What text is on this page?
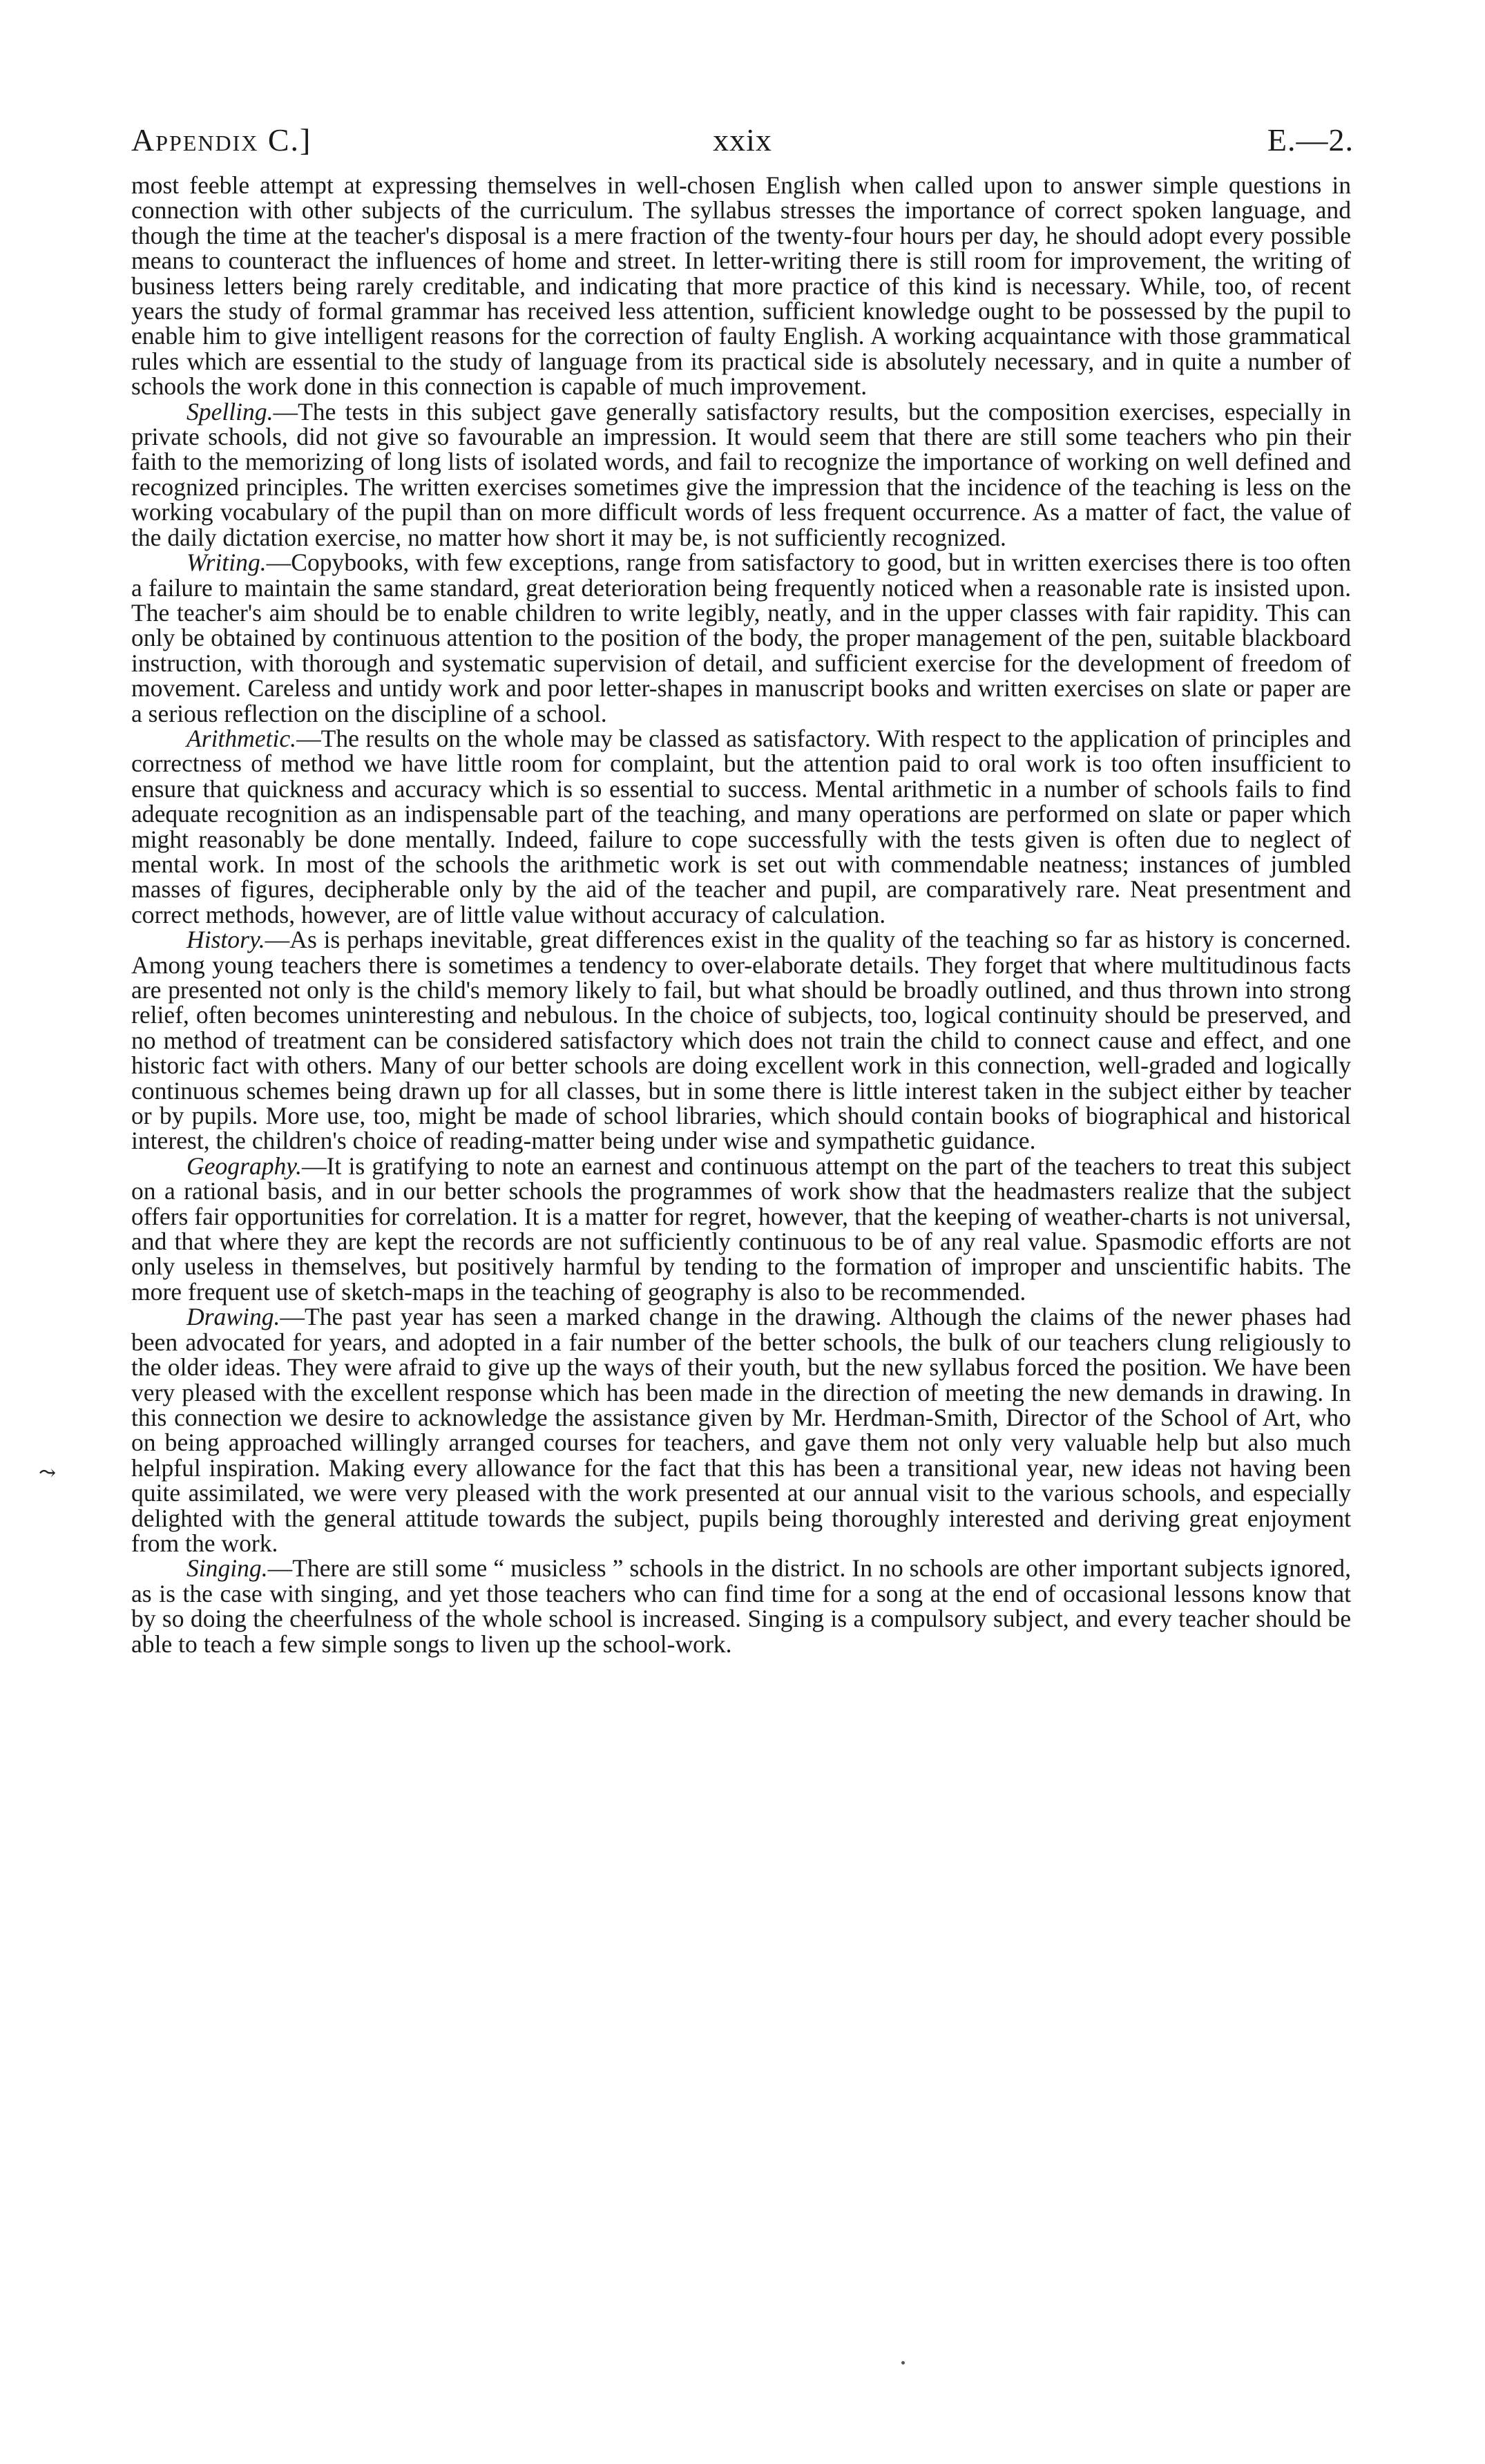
Appendix C.]	xxix	E.—2.
⤳

most feeble attempt at expressing themselves in well-chosen English when called upon to answer simple questions in connection with other subjects of the curriculum. The syllabus stresses the importance of correct spoken language, and though the time at the teacher's disposal is a mere fraction of the twenty-four hours per day, he should adopt every possible means to counteract the influences of home and street. In letter-writing there is still room for improvement, the writing of business letters being rarely creditable, and indicating that more practice of this kind is necessary. While, too, of recent years the study of formal grammar has received less attention, sufficient knowledge ought to be possessed by the pupil to enable him to give intelligent reasons for the correction of faulty English. A working acquaintance with those grammatical rules which are essential to the study of language from its practical side is absolutely necessary, and in quite a number of schools the work done in this connection is capable of much improvement.

Spelling.—The tests in this subject gave generally satisfactory results, but the composition exercises, especially in private schools, did not give so favourable an impression. It would seem that there are still some teachers who pin their faith to the memorizing of long lists of isolated words, and fail to recognize the importance of working on well defined and recognized principles. The written exercises sometimes give the impression that the incidence of the teaching is less on the working vocabulary of the pupil than on more difficult words of less frequent occurrence. As a matter of fact, the value of the daily dictation exercise, no matter how short it may be, is not sufficiently recognized.

Writing.—Copybooks, with few exceptions, range from satisfactory to good, but in written exercises there is too often a failure to maintain the same standard, great deterioration being frequently noticed when a reasonable rate is insisted upon. The teacher's aim should be to enable children to write legibly, neatly, and in the upper classes with fair rapidity. This can only be obtained by continuous attention to the position of the body, the proper management of the pen, suitable blackboard instruction, with thorough and systematic supervision of detail, and sufficient exercise for the development of freedom of movement. Careless and untidy work and poor letter-shapes in manuscript books and written exercises on slate or paper are a serious reflection on the discipline of a school.

Arithmetic.—The results on the whole may be classed as satisfactory. With respect to the application of principles and correctness of method we have little room for complaint, but the attention paid to oral work is too often insufficient to ensure that quickness and accuracy which is so essential to success. Mental arithmetic in a number of schools fails to find adequate recognition as an indispensable part of the teaching, and many operations are performed on slate or paper which might reasonably be done mentally. Indeed, failure to cope successfully with the tests given is often due to neglect of mental work. In most of the schools the arithmetic work is set out with commendable neatness; instances of jumbled masses of figures, decipherable only by the aid of the teacher and pupil, are comparatively rare. Neat presentment and correct methods, however, are of little value without accuracy of calculation.

History.—As is perhaps inevitable, great differences exist in the quality of the teaching so far as history is concerned. Among young teachers there is sometimes a tendency to over-elaborate details. They forget that where multitudinous facts are presented not only is the child's memory likely to fail, but what should be broadly outlined, and thus thrown into strong relief, often becomes uninteresting and nebulous. In the choice of subjects, too, logical continuity should be preserved, and no method of treatment can be considered satisfactory which does not train the child to connect cause and effect, and one historic fact with others. Many of our better schools are doing excellent work in this connection, well-graded and logically continuous schemes being drawn up for all classes, but in some there is little interest taken in the subject either by teacher or by pupils. More use, too, might be made of school libraries, which should contain books of biographical and historical interest, the children's choice of reading-matter being under wise and sympathetic guidance.

Geography.—It is gratifying to note an earnest and continuous attempt on the part of the teachers to treat this subject on a rational basis, and in our better schools the programmes of work show that the headmasters realize that the subject offers fair opportunities for correlation. It is a matter for regret, however, that the keeping of weather-charts is not universal, and that where they are kept the records are not sufficiently continuous to be of any real value. Spasmodic efforts are not only useless in themselves, but positively harmful by tending to the formation of improper and unscientific habits. The more frequent use of sketch-maps in the teaching of geography is also to be recommended.

Drawing.—The past year has seen a marked change in the drawing. Although the claims of the newer phases had been advocated for years, and adopted in a fair number of the better schools, the bulk of our teachers clung religiously to the older ideas. They were afraid to give up the ways of their youth, but the new syllabus forced the position. We have been very pleased with the excellent response which has been made in the direction of meeting the new demands in drawing. In this connection we desire to acknowledge the assistance given by Mr. Herdman-Smith, Director of the School of Art, who on being approached willingly arranged courses for teachers, and gave them not only very valuable help but also much helpful inspiration. Making every allowance for the fact that this has been a transitional year, new ideas not having been quite assimilated, we were very pleased with the work presented at our annual visit to the various schools, and especially delighted with the general attitude towards the subject, pupils being thoroughly interested and deriving great enjoyment from the work.

Singing.—There are still some “ musicless ” schools in the district. In no schools are other important subjects ignored, as is the case with singing, and yet those teachers who can find time for a song at the end of occasional lessons know that by so doing the cheerfulness of the whole school is increased. Singing is a compulsory subject, and every teacher should be able to teach a few simple songs to liven up the school-work.
